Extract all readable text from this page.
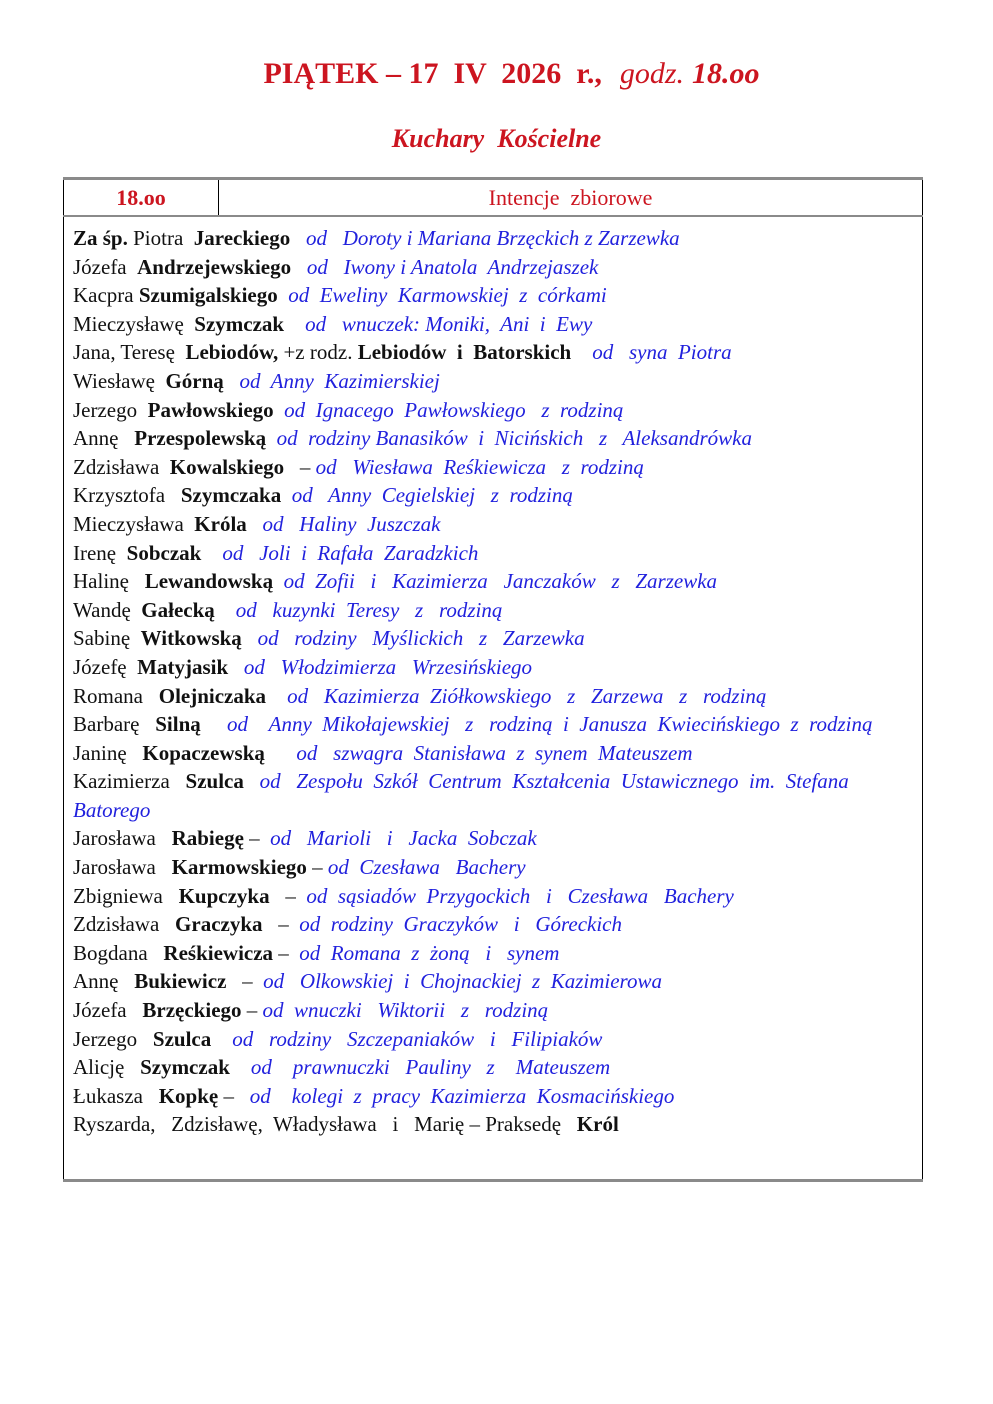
PIĄTEK – 17  IV  2026  r., godz. 18.oo

Kuchary  Kościelne
18.oo	Intencje  zbiorowe

Za śp. Piotra  Jareckiego   od   Doroty i Mariana Brzęckich z Zarzewka
Józefa  Andrzejewskiego   od   Iwony i Anatola  Andrzejaszek
Kacpra Szumigalskiego  od  Eweliny  Karmowskiej  z  córkami
Mieczysławę  Szymczak    od   wnuczek: Moniki,  Ani  i  Ewy
Jana, Teresę  Lebiodów, +z rodz. Lebiodów  i  Batorskich    od   syna  Piotra
Wiesławę  Górną   od  Anny  Kazimierskiej
Jerzego  Pawłowskiego  od  Ignacego  Pawłowskiego   z  rodziną
Annę   Przespolewską  od  rodziny Banasików  i  Nicińskich   z   Aleksandrówka
Zdzisława  Kowalskiego   – od   Wiesława  Reśkiewicza   z  rodziną
Krzysztofa   Szymczaka  od   Anny  Cegielskiej   z  rodziną
Mieczysława  Króla   od   Haliny  Juszczak
Irenę  Sobczak    od   Joli  i  Rafała  Zaradzkich
Halinę   Lewandowską  od  Zofii   i   Kazimierza   Janczaków   z   Zarzewka
Wandę  Gałecką    od   kuzynki  Teresy   z   rodziną
Sabinę  Witkowską   od   rodziny   Myślickich   z   Zarzewka
Józefę  Matyjasik   od   Włodzimierza   Wrzesińskiego
Romana   Olejniczaka    od   Kazimierza  Ziółkowskiego   z   Zarzewa   z   rodziną
Barbarę   Silną     od    Anny  Mikołajewskiej   z   rodziną  i  Janusza  Kwiecińskiego  z  rodziną
Janinę   Kopaczewską      od   szwagra  Stanisława  z  synem  Mateuszem
Kazimierza   Szulca   od   Zespołu  Szkół  Centrum  Kształcenia  Ustawicznego  im.  Stefana  Batorego
Jarosława   Rabiegę –  od   Marioli   i   Jacka  Sobczak
Jarosława   Karmowskiego – od  Czesława   Bachery
Zbigniewa   Kupczyka   –  od  sąsiadów  Przygockich   i   Czesława   Bachery
Zdzisława   Graczyka   –  od  rodziny  Graczyków   i   Góreckich
Bogdana   Reśkiewicza –  od  Romana  z  żoną   i   synem
Annę   Bukiewicz   –  od   Olkowskiej  i  Chojnackiej  z  Kazimierowa
Józefa   Brzęckiego – od  wnuczki   Wiktorii   z   rodziną
Jerzego   Szulca    od   rodziny   Szczepaniaków   i   Filipiaków
Alicję   Szymczak    od    prawnuczki   Pauliny   z    Mateuszem
Łukasza   Kopkę –   od    kolegi  z  pracy  Kazimierza  Kosmacińskiego
Ryszarda,   Zdzisławę,  Władysława   i   Marię – Praksedę   Król
